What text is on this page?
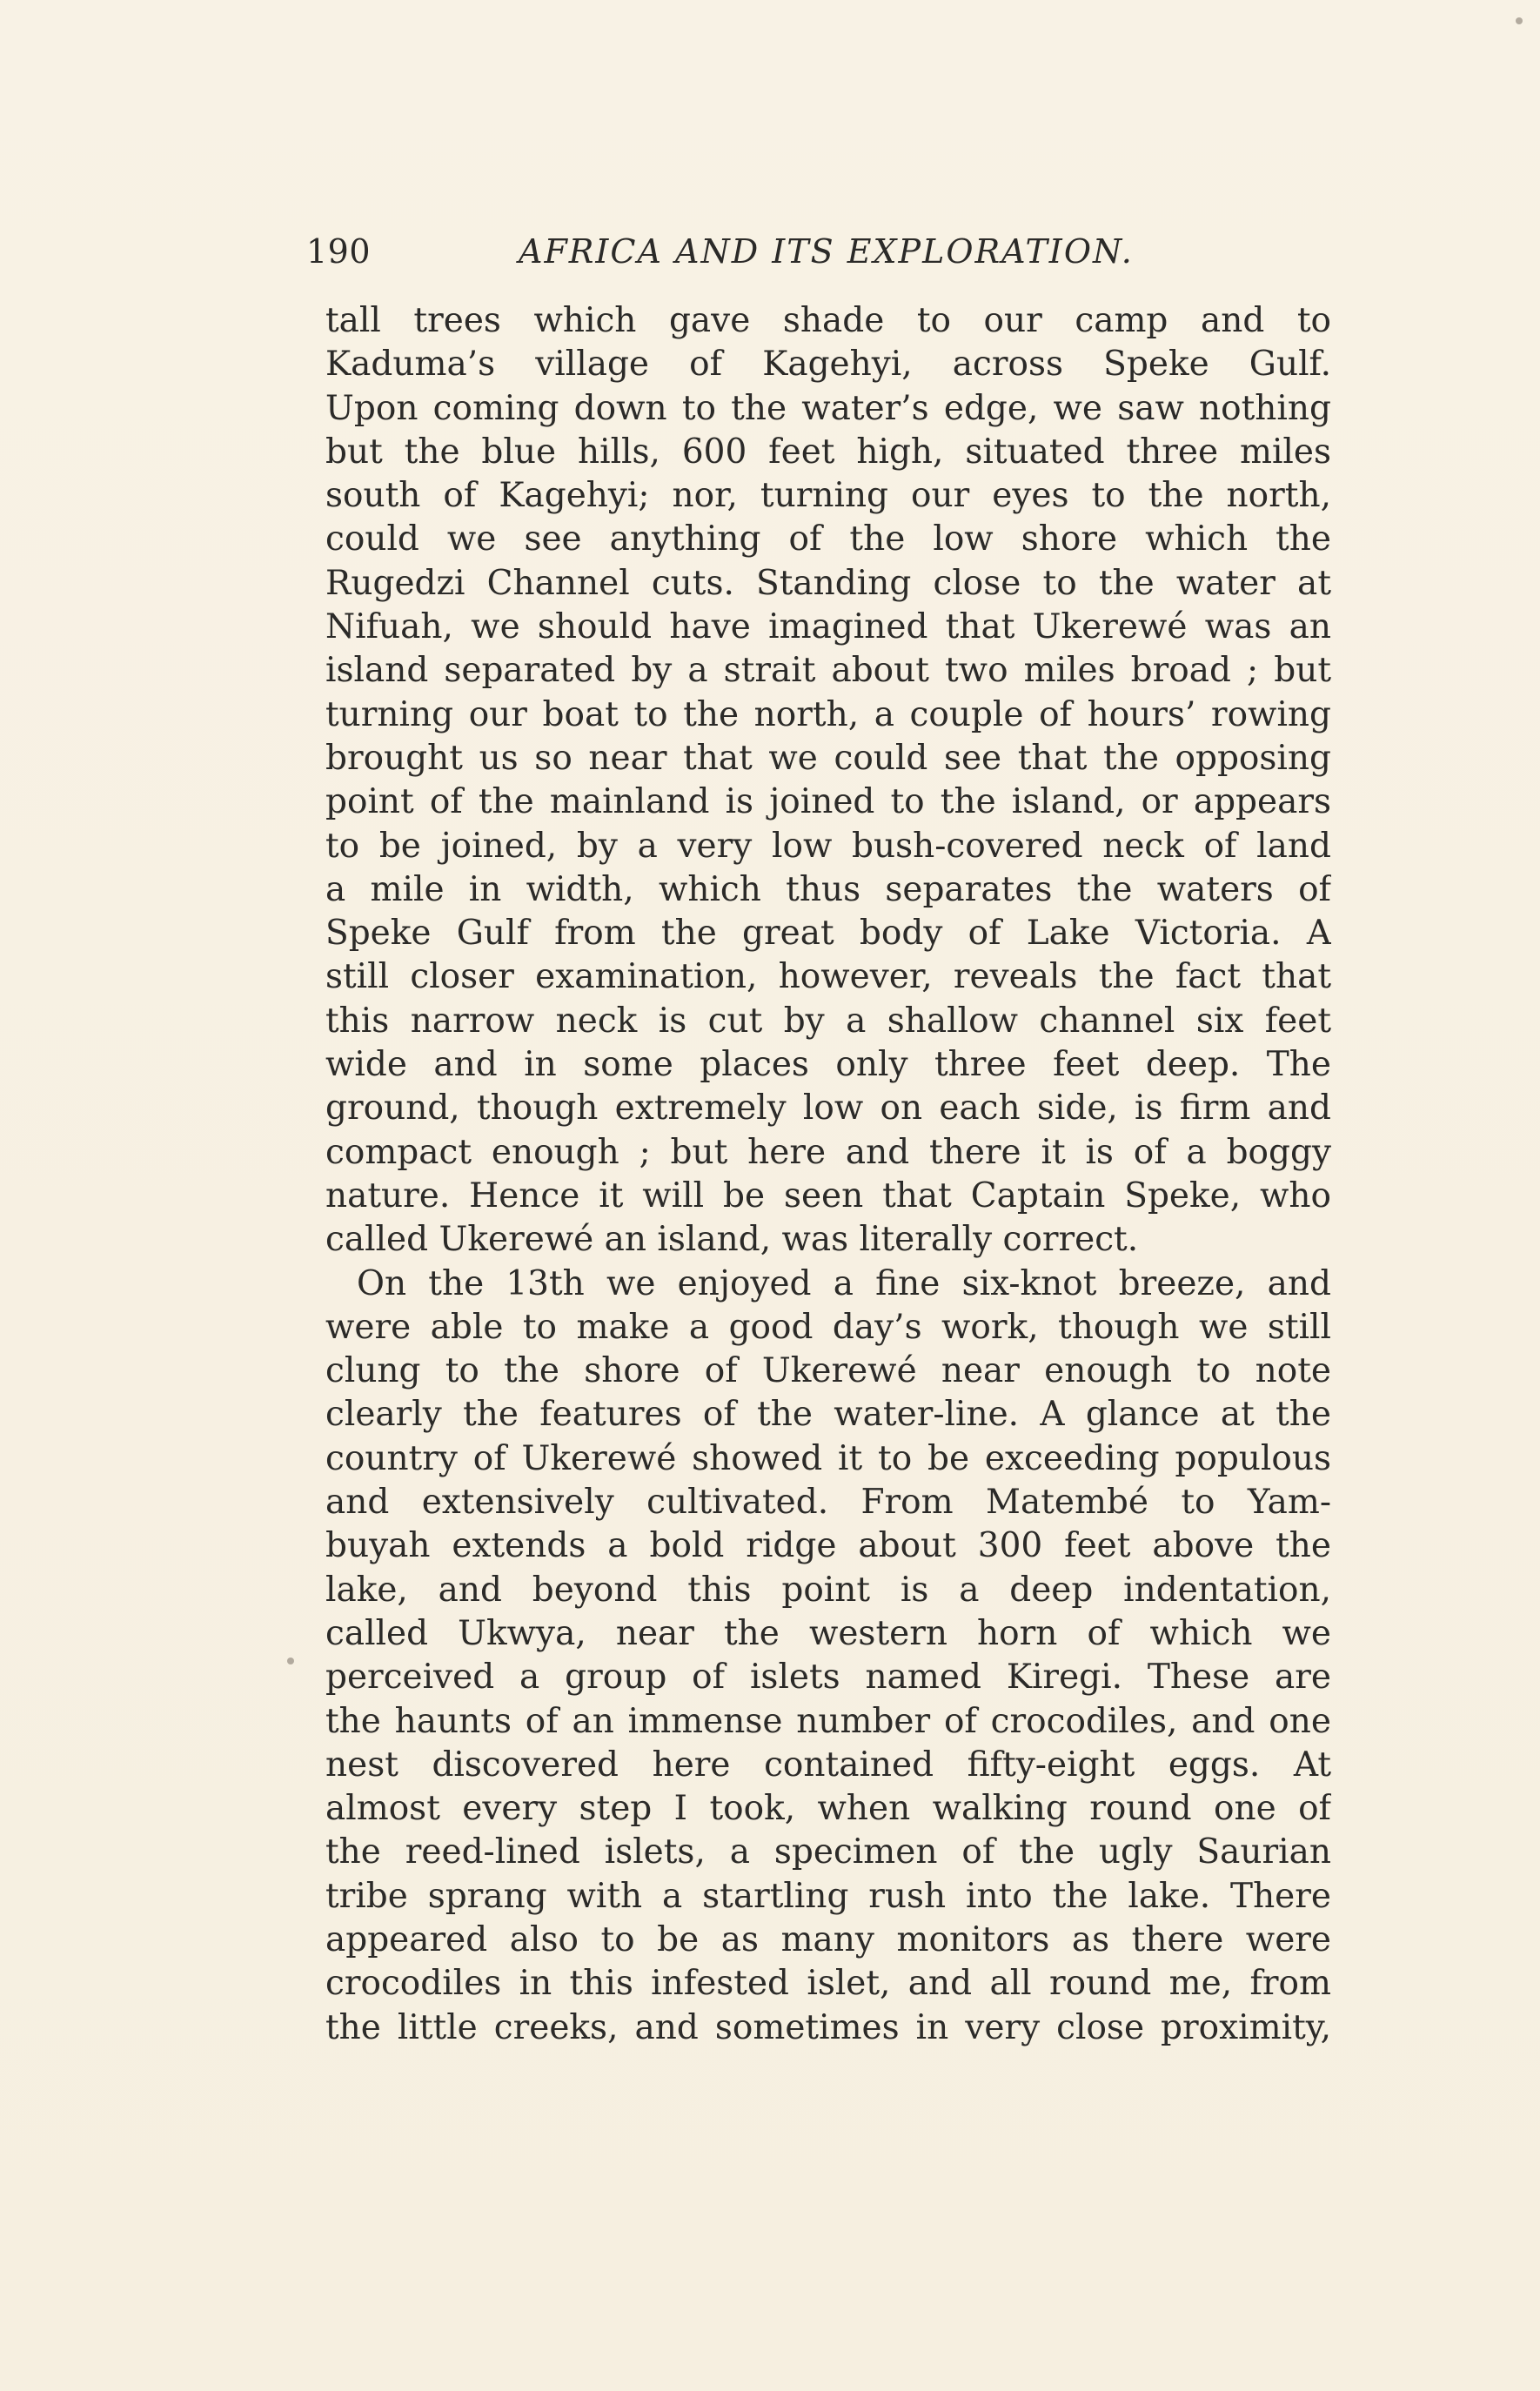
190	AFRICA AND ITS EXPLORATION.
tall trees which gave shade to our camp and to
Kaduma’s village of Kagehyi, across Speke Gulf.
Upon coming down to the water’s edge, we saw nothing
but the blue hills, 600 feet high, situated three miles
south of Kagehyi; nor, turning our eyes to the north,
could we see anything of the low shore which the
Rugedzi Channel cuts. Standing close to the water at
Nifuah, we should have imagined that Ukerewé was an
island separated by a strait about two miles broad ; but
turning our boat to the north, a couple of hours’ rowing
brought us so near that we could see that the opposing
point of the mainland is joined to the island, or appears
to be joined, by a very low bush-covered neck of land
a mile in width, which thus separates the waters of
Speke Gulf from the great body of Lake Victoria. A
still closer examination, however, reveals the fact that
this narrow neck is cut by a shallow channel six feet
wide and in some places only three feet deep. The
ground, though extremely low on each side, is firm and
compact enough ; but here and there it is of a boggy
nature. Hence it will be seen that Captain Speke, who
called Ukerewé an island, was literally correct.
On the 13th we enjoyed a fine six-knot breeze, and
were able to make a good day’s work, though we still
clung to the shore of Ukerewé near enough to note
clearly the features of the water-line. A glance at the
country of Ukerewé showed it to be exceeding populous
and extensively cultivated. From Matembé to Yam-
buyah extends a bold ridge about 300 feet above the
lake, and beyond this point is a deep indentation,
called Ukwya, near the western horn of which we
perceived a group of islets named Kiregi. These are
the haunts of an immense number of crocodiles, and one
nest discovered here contained fifty-eight eggs. At
almost every step I took, when walking round one of
the reed-lined islets, a specimen of the ugly Saurian
tribe sprang with a startling rush into the lake. There
appeared also to be as many monitors as there were
crocodiles in this infested islet, and all round me, from
the little creeks, and sometimes in very close proximity,
